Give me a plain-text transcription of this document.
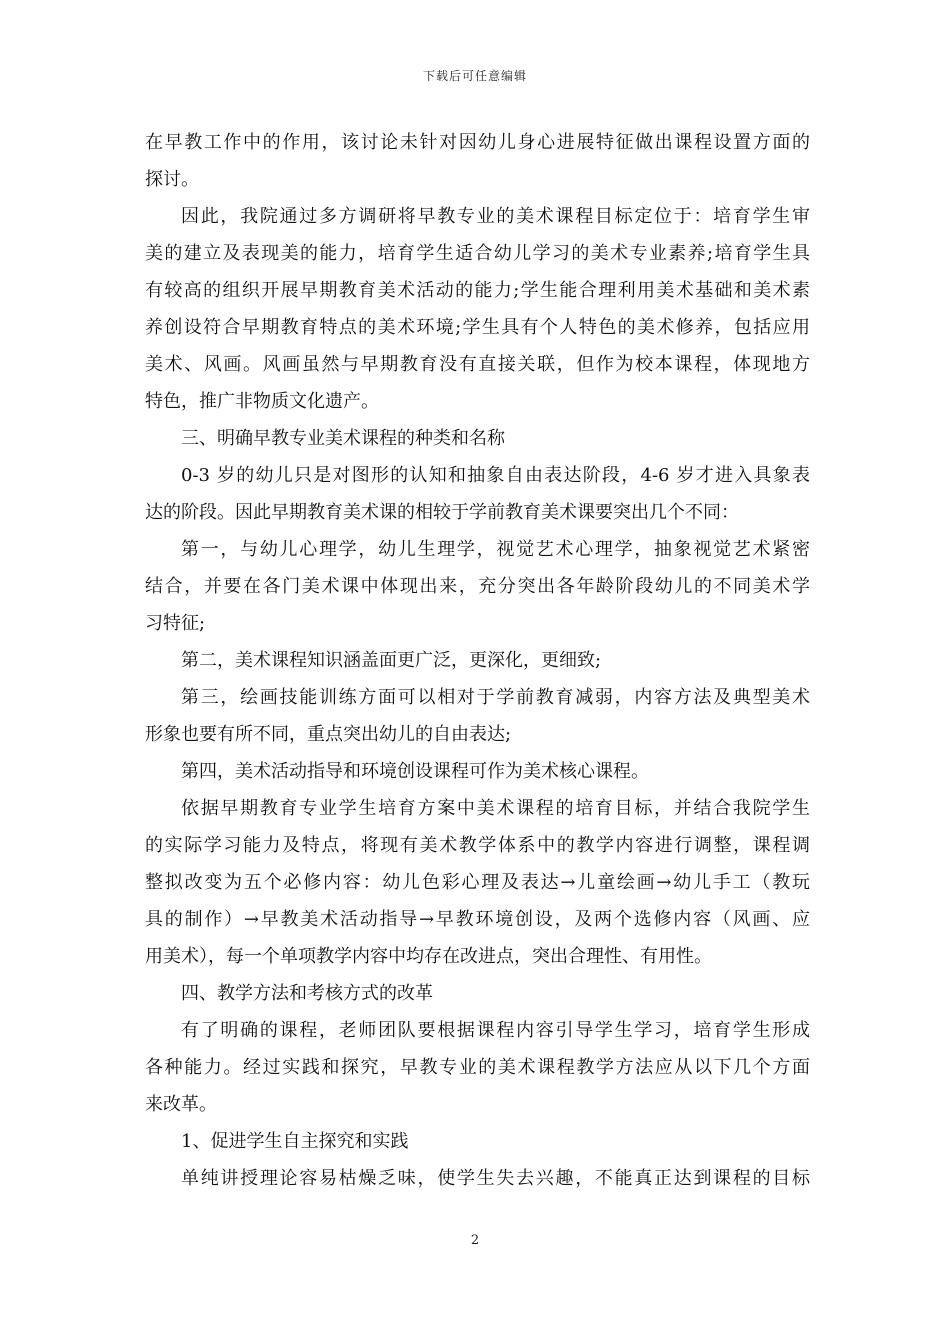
下载后可任意编辑
在早教工作中的作用，该讨论未针对因幼儿身心进展特征做出课程设置方面的
探讨。
因此，我院通过多方调研将早教专业的美术课程目标定位于：培育学生审
美的建立及表现美的能力，培育学生适合幼儿学习的美术专业素养;培育学生具
有较高的组织开展早期教育美术活动的能力;学生能合理利用美术基础和美术素
养创设符合早期教育特点的美术环境;学生具有个人特色的美术修养，包括应用
美术、风画。风画虽然与早期教育没有直接关联，但作为校本课程，体现地方
特色，推广非物质文化遗产。
三、明确早教专业美术课程的种类和名称
0-3 岁的幼儿只是对图形的认知和抽象自由表达阶段，4-6 岁才进入具象表
达的阶段。因此早期教育美术课的相较于学前教育美术课要突出几个不同：
第一，与幼儿心理学，幼儿生理学，视觉艺术心理学，抽象视觉艺术紧密
结合，并要在各门美术课中体现出来，充分突出各年龄阶段幼儿的不同美术学
习特征;
第二，美术课程知识涵盖面更广泛，更深化，更细致;
第三，绘画技能训练方面可以相对于学前教育减弱，内容方法及典型美术
形象也要有所不同，重点突出幼儿的自由表达;
第四，美术活动指导和环境创设课程可作为美术核心课程。
依据早期教育专业学生培育方案中美术课程的培育目标，并结合我院学生
的实际学习能力及特点，将现有美术教学体系中的教学内容进行调整，课程调
整拟改变为五个必修内容：幼儿色彩心理及表达→儿童绘画→幼儿手工（教玩
具的制作）→早教美术活动指导→早教环境创设，及两个选修内容（风画、应
用美术），每一个单项教学内容中均存在改进点，突出合理性、有用性。
四、教学方法和考核方式的改革
有了明确的课程，老师团队要根据课程内容引导学生学习，培育学生形成
各种能力。经过实践和探究，早教专业的美术课程教学方法应从以下几个方面
来改革。
1、促进学生自主探究和实践
单纯讲授理论容易枯燥乏味，使学生失去兴趣，不能真正达到课程的目标
2
